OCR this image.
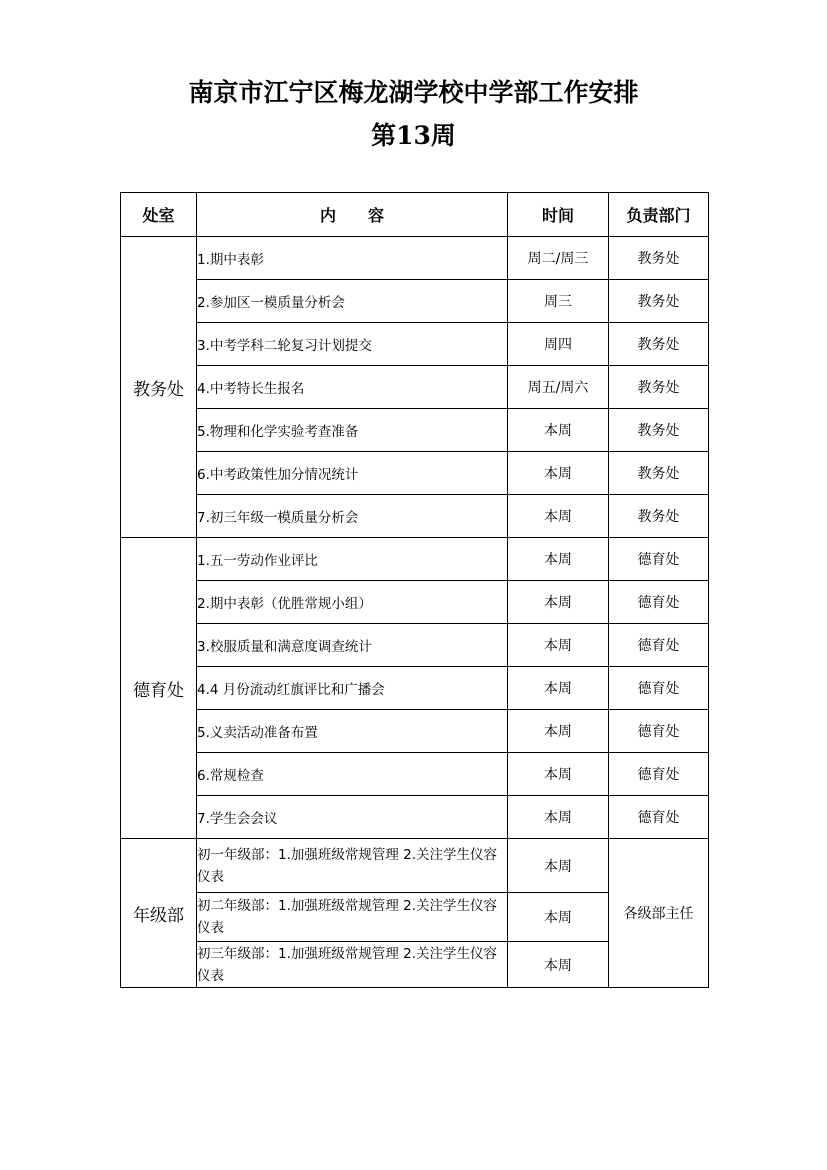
南京市江宁区梅龙湖学校中学部工作安排
第13周
处室	内　　容	时间	负责部门
教务处	1.期中表彰	周二/周三	教务处
	2.参加区一模质量分析会	周三	教务处
	3.中考学科二轮复习计划提交	周四	教务处
	4.中考特长生报名	周五/周六	教务处
	5.物理和化学实验考查准备	本周	教务处
	6.中考政策性加分情况统计	本周	教务处
	7.初三年级一模质量分析会	本周	教务处
德育处	1.五一劳动作业评比	本周	德育处
	2.期中表彰（优胜常规小组）	本周	德育处
	3.校服质量和满意度调查统计	本周	德育处
	4.4 月份流动红旗评比和广播会	本周	德育处
	5.义卖活动准备布置	本周	德育处
	6.常规检查	本周	德育处
	7.学生会会议	本周	德育处
年级部	初一年级部：1.加强班级常规管理 2.关注学生仪容仪表	本周	各级部主任
	初二年级部：1.加强班级常规管理 2.关注学生仪容仪表	本周	
	初三年级部：1.加强班级常规管理 2.关注学生仪容仪表	本周	
